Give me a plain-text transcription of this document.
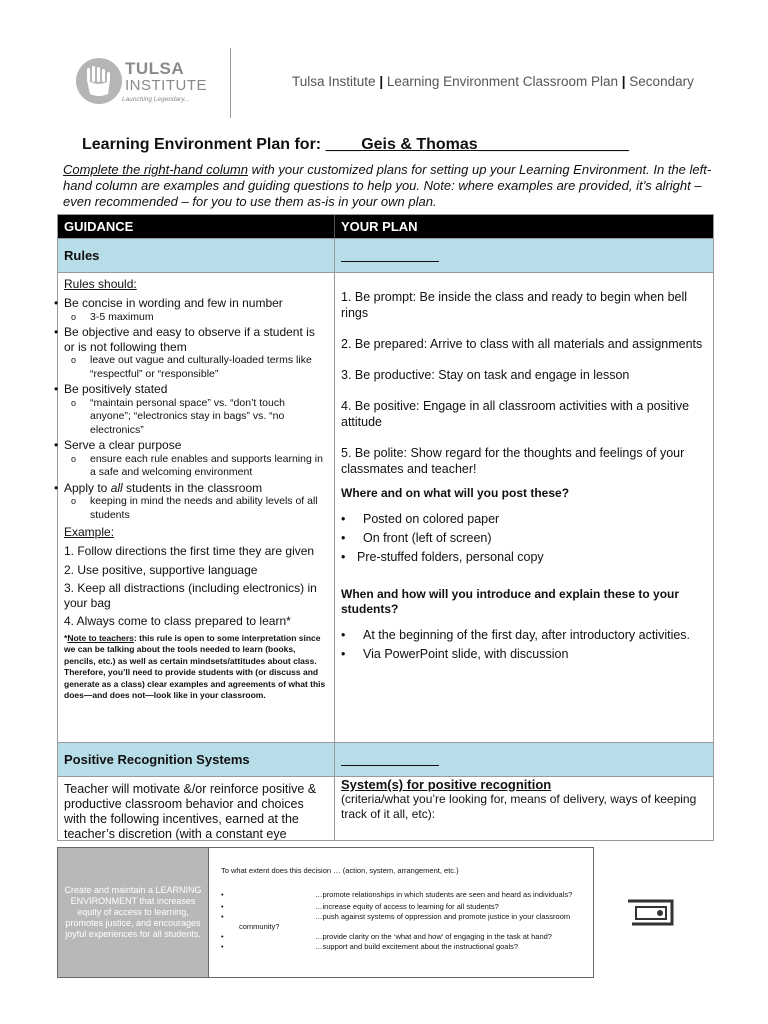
TULSA
INSTITUTE
Launching Legendary...
Tulsa Institute | Learning Environment Classroom Plan | Secondary
Learning Environment Plan for: ____Geis & Thomas_________________
Complete the right-hand column with your customized plans for setting up your Learning Environment. In the left-hand column are examples and guiding questions to help you. Note: where examples are provided, it’s alright – even recommended – for you to use them as-is in your own plan.
GUIDANCE	YOUR PLAN
Rules
Rules should:
• Be concise in wording and few in number
o 3-5 maximum
• Be objective and easy to observe if a student is or is not following them
o leave out vague and culturally-loaded terms like “respectful” or “responsible”
• Be positively stated
o “maintain personal space” vs. “don’t touch anyone”; “electronics stay in bags” vs. “no electronics”
• Serve a clear purpose
o ensure each rule enables and supports learning in a safe and welcoming environment
• Apply to all students in the classroom
o keeping in mind the needs and ability levels of all students
Example:
1. Follow directions the first time they are given
2. Use positive, supportive language
3. Keep all distractions (including electronics) in your bag
4. Always come to class prepared to learn*
*Note to teachers: this rule is open to some interpretation since we can be talking about the tools needed to learn (books, pencils, etc.) as well as certain mindsets/attitudes about class. Therefore, you’ll need to provide students with (or discuss and generate as a class) clear examples and agreements of what this does—and does not—look like in your classroom.
1. Be prompt: Be inside the class and ready to begin when bell rings
2. Be prepared: Arrive to class with all materials and assignments
3. Be productive: Stay on task and engage in lesson
4. Be positive: Engage in all classroom activities with a positive attitude
5. Be polite: Show regard for the thoughts and feelings of your classmates and teacher!
Where and on what will you post these?
• Posted on colored paper
• On front (left of screen)
• Pre-stuffed folders, personal copy
When and how will you introduce and explain these to your students?
• At the beginning of the first day, after introductory activities.
• Via PowerPoint slide, with discussion
Positive Recognition Systems
Teacher will motivate &/or reinforce positive & productive classroom behavior and choices with the following incentives, earned at the teacher’s discretion (with a constant eye
System(s) for positive recognition
(criteria/what you’re looking for, means of delivery, ways of keeping track of it all, etc):
Create and maintain a LEARNING ENVIRONMENT that increases equity of access to learning, promotes justice, and encourages joyful experiences for all students.
To what extent does this decision … (action, system, arrangement, etc.)
• …promote relationships in which students are seen and heard as individuals?
• …increase equity of access to learning for all students?
• …push against systems of oppression and promote justice in your classroom community?
• …provide clarity on the ‘what and how’ of engaging in the task at hand?
• …support and build excitement about the instructional goals?
